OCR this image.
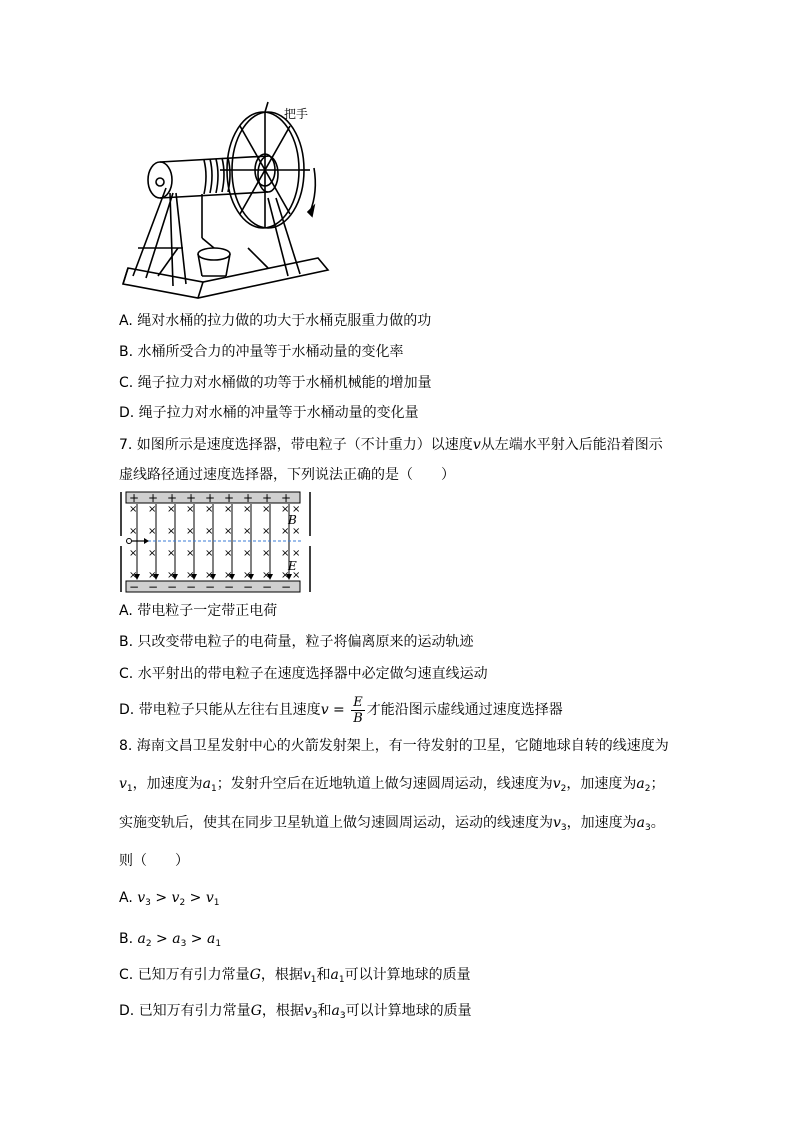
把手
A. 绳对水桶的拉力做的功大于水桶克服重力做的功
B. 水桶所受合力的冲量等于水桶动量的变化率
C. 绳子拉力对水桶做的功等于水桶机械能的增加量
D. 绳子拉力对水桶的冲量等于水桶动量的变化量
7. 如图所示是速度选择器，带电粒子（不计重力）以速度v从左端水平射入后能沿着图示
虚线路径通过速度选择器，下列说法正确的是（　　）
+
−
×
×
×
×
+
−
×
×
×
×
+
−
×
×
×
×
+
−
×
×
×
×
+
−
×
×
×
×
+
−
×
×
×
×
+
−
×
×
×
×
+
−
×
×
×
×
+
−
×
×
×
×
×
×
×
×
B
E
A. 带电粒子一定带正电荷
B. 只改变带电粒子的电荷量，粒子将偏离原来的运动轨迹
C. 水平射出的带电粒子在速度选择器中必定做匀速直线运动
D. 带电粒子只能从左往右且速度$v = \frac{E}{B}$ 才能沿图示虚线通过速度选择器
8. 海南文昌卫星发射中心的火箭发射架上，有一待发射的卫星，它随地球自转的线速度为
$v_1$，加速度为$a_1$；发射升空后在近地轨道上做匀速圆周运动，线速度为$v_2$，加速度为$a_2$；
实施变轨后，使其在同步卫星轨道上做匀速圆周运动，运动的线速度为$v_3$，加速度为$a_3$。
则（　　）
A. $v_3 > v_2 > v_1$
B. $a_2 > a_3 > a_1$
C. 已知万有引力常量G，根据$v_1$和$a_1$可以计算地球的质量
D. 已知万有引力常量G，根据$v_3$和$a_3$可以计算地球的质量
